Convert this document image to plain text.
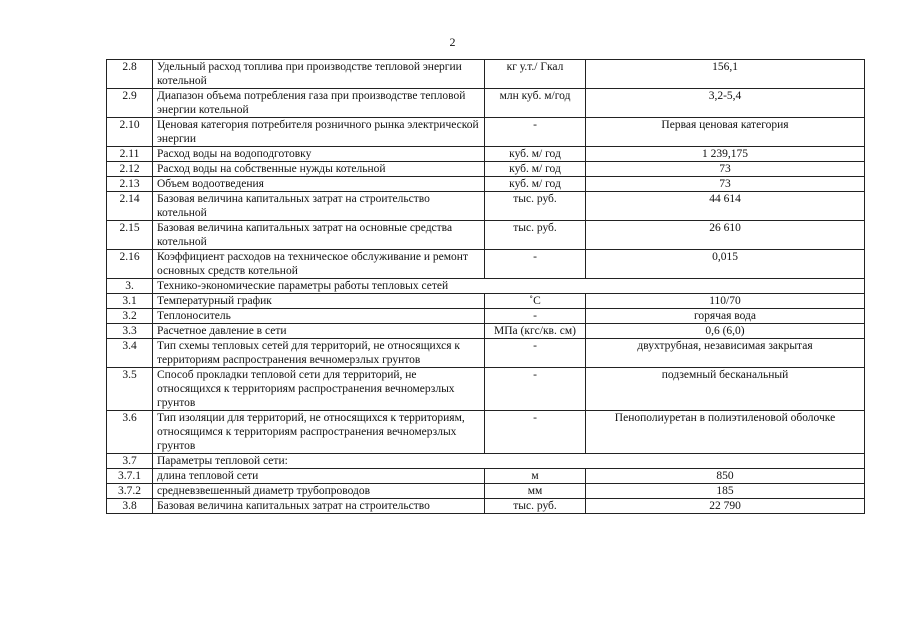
2
2.8	Удельный расход топлива при производстве тепловой энергии котельной	кг у.т./ Гкал	156,1
2.9	Диапазон объема потребления газа при производстве тепловой энергии котельной	млн куб. м/год	3,2-5,4
2.10	Ценовая категория потребителя розничного рынка электрической энергии	-	Первая ценовая категория
2.11	Расход воды на водоподготовку	куб. м/ год	1 239,175
2.12	Расход воды на собственные нужды котельной	куб. м/ год	73
2.13	Объем водоотведения	куб. м/ год	73
2.14	Базовая величина капитальных затрат на строительство котельной	тыс. руб.	44 614
2.15	Базовая величина капитальных затрат на основные средства котельной	тыс. руб.	26 610
2.16	Коэффициент расходов на техническое обслуживание и ремонт основных средств котельной	-	0,015
3.	Технико-экономические параметры работы тепловых сетей		
3.1	Температурный график	˚С	110/70
3.2	Теплоноситель	-	горячая вода
3.3	Расчетное давление в сети	МПа (кгс/кв. см)	0,6 (6,0)
3.4	Тип схемы тепловых сетей для территорий, не относящихся к территориям распространения вечномерзлых грунтов	-	двухтрубная, независимая закрытая
3.5	Способ прокладки тепловой сети для территорий, не относящихся к территориям распространения вечномерзлых грунтов	-	подземный бесканальный
3.6	Тип изоляции для территорий, не относящихся к территориям, относящимся к территориям распространения вечномерзлых грунтов	-	Пенополиуретан в полиэтиленовой оболочке
3.7	Параметры тепловой сети:		
3.7.1	длина тепловой сети	м	850
3.7.2	средневзвешенный диаметр трубопроводов	мм	185
3.8	Базовая величина капитальных затрат на строительство	тыс. руб.	22 790
